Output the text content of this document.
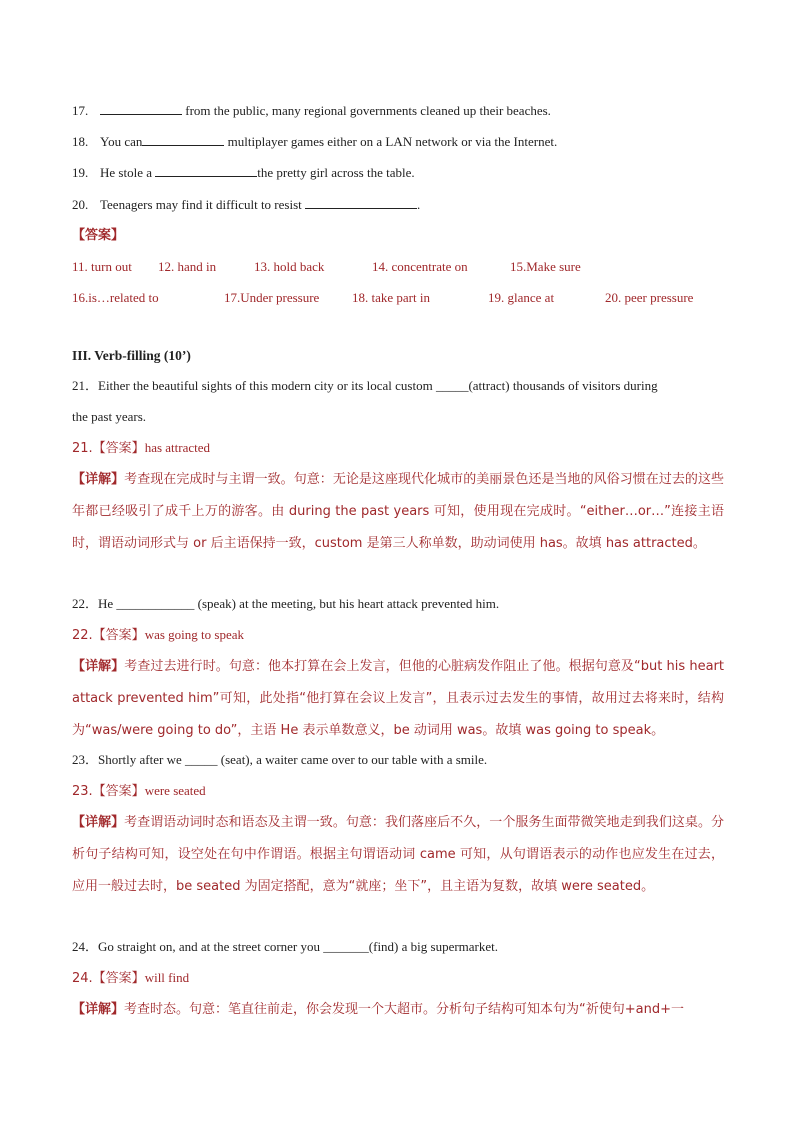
17.	from the public, many regional governments cleaned up their beaches.
18. You can	multiplayer games either on a LAN network or via the Internet.
19. He stole a	the pretty girl across the table.
20. Teenagers may find it difficult to resist	.
【答案】
11. turn out 12. hand in	13. hold back	14. concentrate on	15.Make sure
16.is…related to	17.Under pressure	18. take part in	19. glance at	20. peer pressure
III. Verb-filling (10’)
21．Either the beautiful sights of this modern city or its local custom _____(attract) thousands of visitors during
the past years.
21.【答案】has attracted
【详解】考查现在完成时与主谓一致。句意：无论是这座现代化城市的美丽景色还是当地的风俗习惯在过去的这些年都已经吸引了成千上万的游客。由 during the past years 可知，使用现在完成时。“either…or…”连接主语时，谓语动词形式与 or 后主语保持一致，custom 是第三人称单数，助动词使用 has。故填 has attracted。
22．He ____________ (speak) at the meeting, but his heart attack prevented him.
22.【答案】was going to speak
【详解】考查过去进行时。句意：他本打算在会上发言，但他的心脏病发作阻止了他。根据句意及“but his heart attack prevented him”可知，此处指“他打算在会议上发言”，且表示过去发生的事情，故用过去将来时，结构为“was/were going to do”，主语 He 表示单数意义，be 动词用 was。故填 was going to speak。
23．Shortly after we _____ (seat), a waiter came over to our table with a smile.
23.【答案】were seated
【详解】考查谓语动词时态和语态及主谓一致。句意：我们落座后不久，一个服务生面带微笑地走到我们这桌。分析句子结构可知，设空处在句中作谓语。根据主句谓语动词 came 可知，从句谓语表示的动作也应发生在过去，应用一般过去时，be seated 为固定搭配，意为“就座；坐下”，且主语为复数，故填 were seated。
24．Go straight on, and at the street corner you _______(find) a big supermarket.
24.【答案】will find
【详解】考查时态。句意：笔直往前走，你会发现一个大超市。分析句子结构可知本句为“祈使句+and+一
